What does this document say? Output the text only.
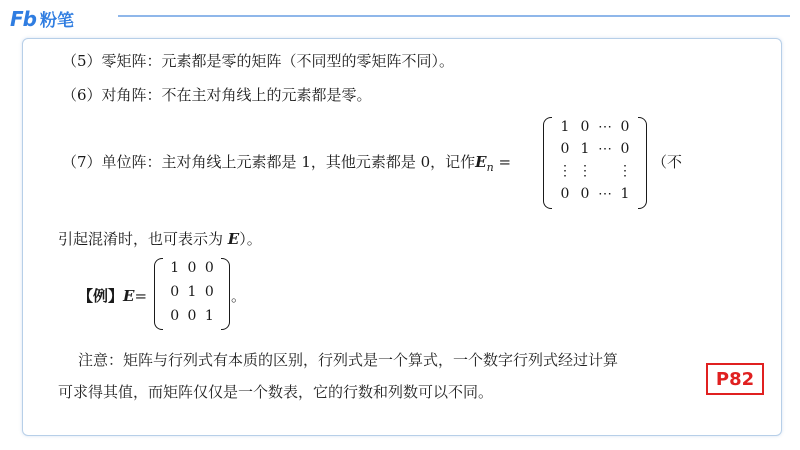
Fb 粉笔
（5）零矩阵：元素都是零的矩阵（不同型的零矩阵不同）。
（6）对角阵：不在主对角线上的元素都是零。
（7）单位阵：主对角线上元素都是 1，其他元素都是 0，记作$E_n$ =
1 0 ⋯ 0
0 1 ⋯ 0
⋮ ⋮ ⋮
0 0 ⋯ 1
（不
引起混淆时，也可表示为 E）。
【例】E=
1 0 0
0 1 0
0 0 1
。
注意：矩阵与行列式有本质的区别，行列式是一个算式，一个数字行列式经过计算
可求得其值，而矩阵仅仅是一个数表，它的行数和列数可以不同。
P82
